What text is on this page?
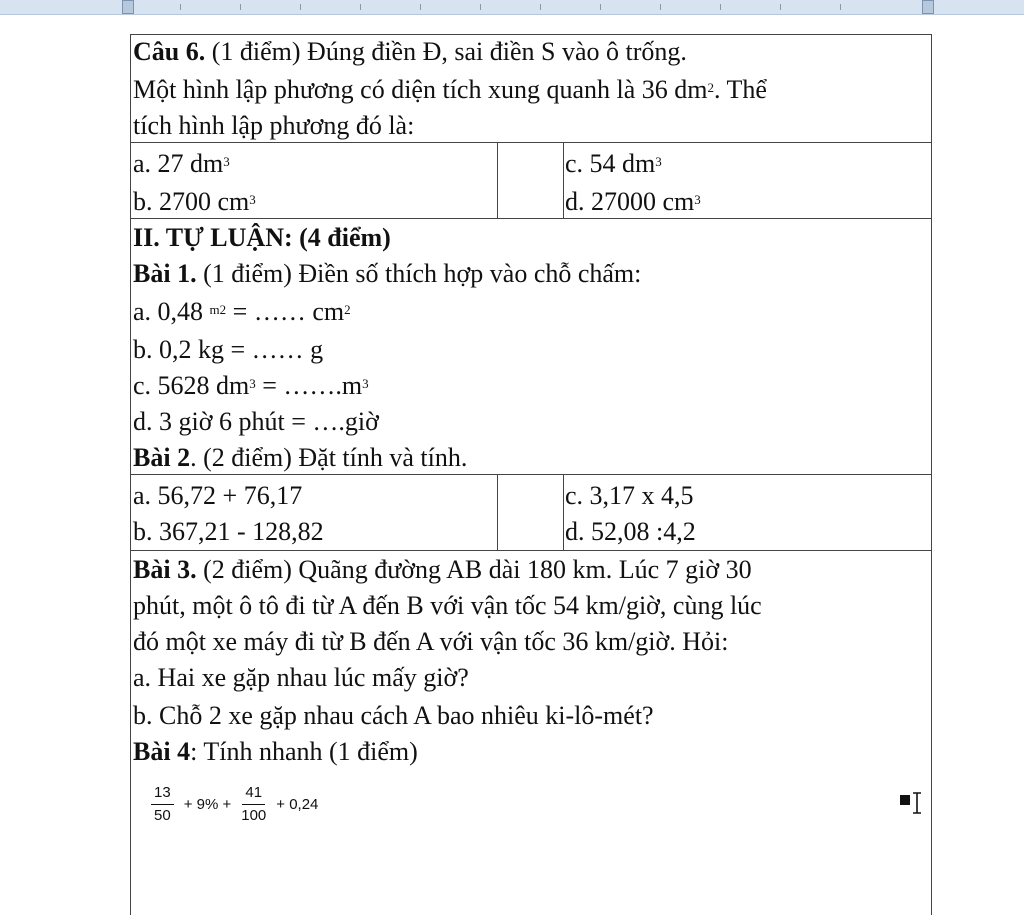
Câu 6. (1 điểm) Đúng điền Đ, sai điền S vào ô trống.
Một hình lập phương có diện tích xung quanh là 36 $dm^2$. Thể
tích hình lập phương đó là:
a. 27 $dm^3$
b. 2700 $cm^3$
c. 54 $dm^3$
d. 27000 $cm^3$
II. TỰ LUẬN: (4 điểm)
Bài 1. (1 điểm) Điền số thích hợp vào chỗ chấm:
a. 0,48 $^{m2}$ = …… $cm^2$
b. 0,2 kg = …… g
c. 5628 $dm^3$ = $\dots\dots.m^3$
d. 3 giờ 6 phút = ….giờ
Bài 2. (2 điểm) Đặt tính và tính.
a. 56,72 + 76,17
b. 367,21 - 128,82
c. 3,17 x 4,5
d. 52,08 :4,2
Bài 3. (2 điểm) Quãng đường AB dài 180 km. Lúc 7 giờ 30
phút, một ô tô đi từ A đến B với vận tốc 54 km/giờ, cùng lúc
đó một xe máy đi từ B đến A với vận tốc 36 km/giờ. Hỏi:
a. Hai xe gặp nhau lúc mấy giờ?
b. Chỗ 2 xe gặp nhau cách A bao nhiêu ki-lô-mét?
Bài 4: Tính nhanh (1 điểm)
$\frac{13}{50} + 9\% + \frac{41}{100} + 0,24$
